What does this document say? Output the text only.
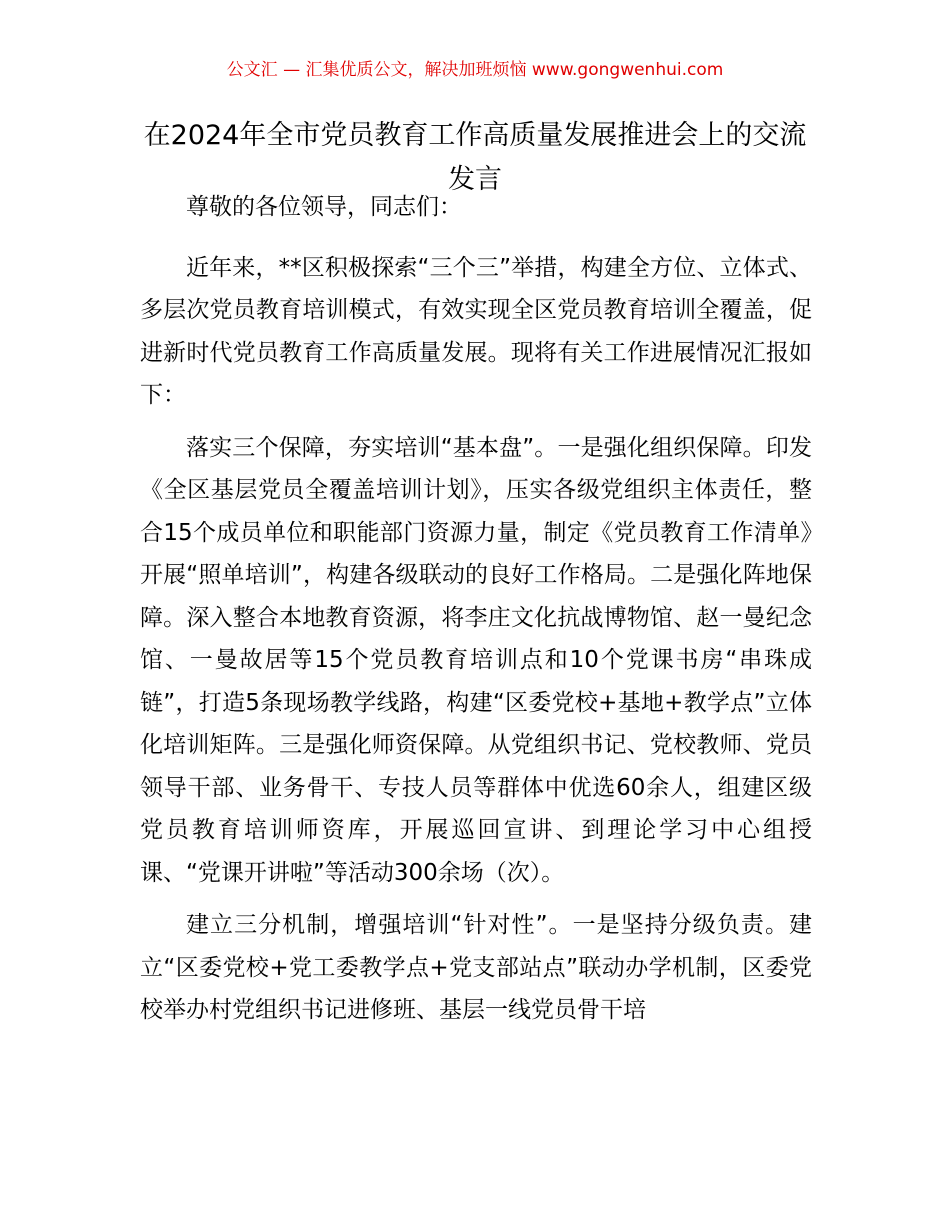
公文汇 — 汇集优质公文，解决加班烦恼 www.gongwenhui.com
在2024年全市党员教育工作高质量发展推进会上的交流发言

尊敬的各位领导，同志们：

近年来，**区积极探索“三个三”举措，构建全方位、立体式、多层次党员教育培训模式，有效实现全区党员教育培训全覆盖，促进新时代党员教育工作高质量发展。现将有关工作进展情况汇报如下：

落实三个保障，夯实培训“基本盘”。一是强化组织保障。印发《全区基层党员全覆盖培训计划》，压实各级党组织主体责任，整合15个成员单位和职能部门资源力量，制定《党员教育工作清单》开展“照单培训”，构建各级联动的良好工作格局。二是强化阵地保障。深入整合本地教育资源，将李庄文化抗战博物馆、赵一曼纪念馆、一曼故居等15个党员教育培训点和10个党课书房“串珠成链”，打造5条现场教学线路，构建“区委党校+基地+教学点”立体化培训矩阵。三是强化师资保障。从党组织书记、党校教师、党员领导干部、业务骨干、专技人员等群体中优选60余人，组建区级党员教育培训师资库，开展巡回宣讲、到理论学习中心组授课、“党课开讲啦”等活动300余场（次）。

建立三分机制，增强培训“针对性”。一是坚持分级负责。建立“区委党校+党工委教学点+党支部站点”联动办学机制，区委党校举办村党组织书记进修班、基层一线党员骨干培
